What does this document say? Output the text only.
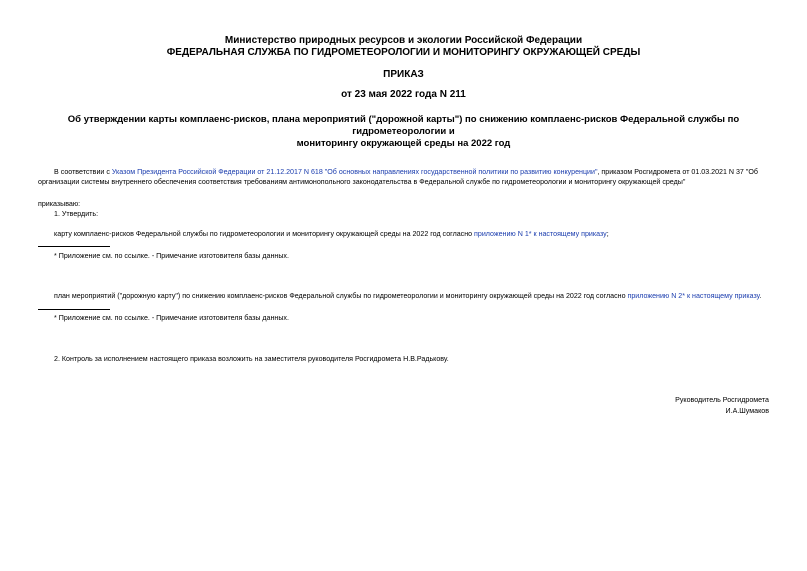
Министерство природных ресурсов и экологии Российской Федерации
ФЕДЕРАЛЬНАЯ СЛУЖБА ПО ГИДРОМЕТЕОРОЛОГИИ И МОНИТОРИНГУ ОКРУЖАЮЩЕЙ СРЕДЫ
ПРИКАЗ
от 23 мая 2022 года N 211
Об утверждении карты комплаенс-рисков, плана мероприятий ("дорожной карты") по снижению комплаенс-рисков Федеральной службы по гидрометеорологии и
мониторингу окружающей среды на 2022 год
В соответствии с Указом Президента Российской Федерации от 21.12.2017 N 618 "Об основных направлениях государственной политики по развитию конкуренции", приказом Росгидромета от 01.03.2021 N 37 "Об
организации системы внутреннего обеспечения соответствия требованиям антимонопольного законодательства в Федеральной службе по гидрометеорологии и мониторингу окружающей среды"
приказываю:
1. Утвердить:
карту комплаенс-рисков Федеральной службы по гидрометеорологии и мониторингу окружающей среды на 2022 год согласно приложению N 1* к настоящему приказу;
* Приложение см. по ссылке. - Примечание изготовителя базы данных.
план мероприятий ("дорожную карту") по снижению комплаенс-рисков Федеральной службы по гидрометеорологии и мониторингу окружающей среды на 2022 год согласно приложению N 2* к настоящему приказу.
* Приложение см. по ссылке. - Примечание изготовителя базы данных.
2. Контроль за исполнением настоящего приказа возложить на заместителя руководителя Росгидромета Н.В.Радькову.
Руководитель Росгидромета
И.А.Шумаков
